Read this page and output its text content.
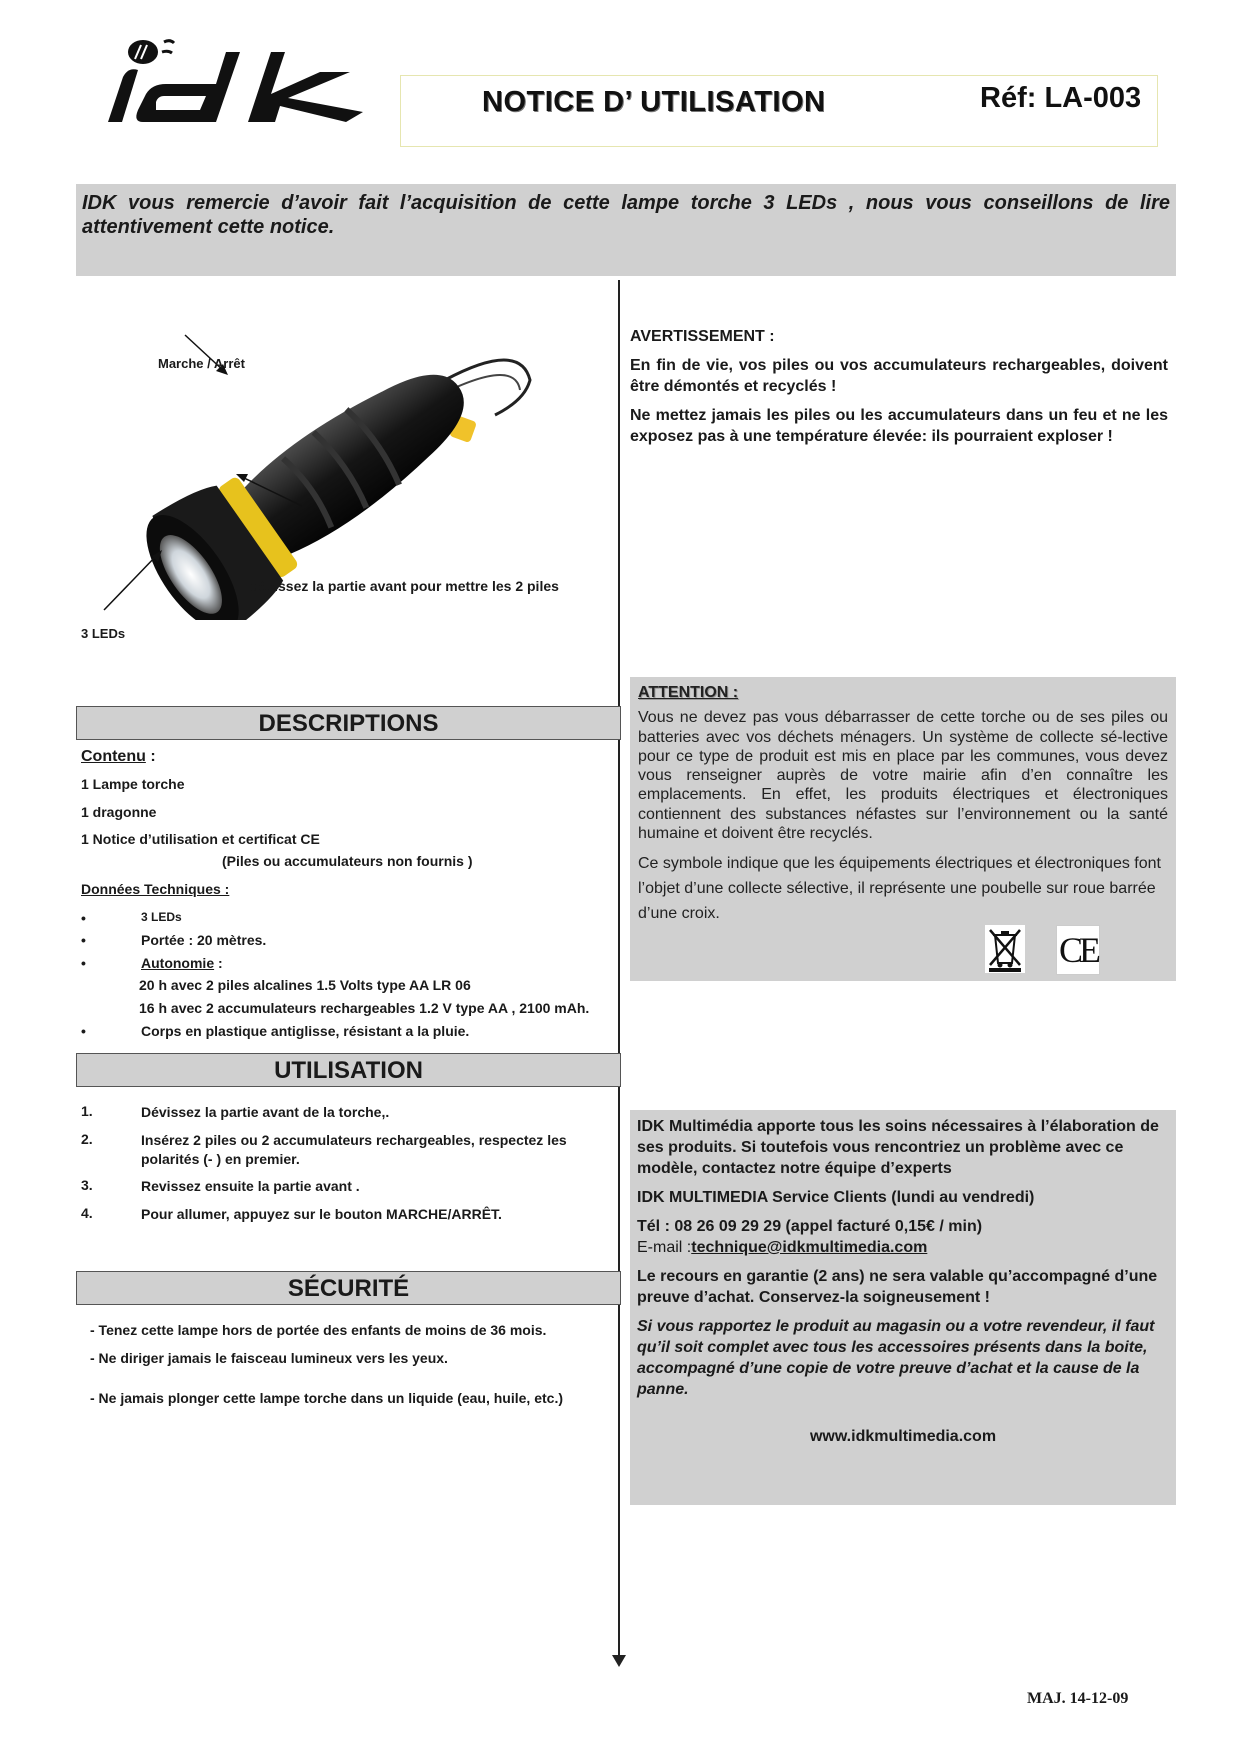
idk
NOTICE D’ UTILISATION	Réf: LA-003
IDK vous remercie d’avoir fait l’acquisition de cette lampe torche 3 LEDs , nous vous conseillons de lire attentivement cette notice.
Marche / Arrêt
dévissez la partie avant pour mettre les 2 piles
3 LEDs

AVERTISSEMENT :

En fin de vie, vos piles ou vos accumulateurs rechargeables, doivent être démontés et recyclés !

Ne mettez jamais les piles ou les accumulateurs dans un feu et ne les exposez pas à une température élevée: ils pourraient exploser !

DESCRIPTIONS
Contenu :
1 Lampe torche
1 dragonne
1 Notice d’utilisation et certificat CE
(Piles ou accumulateurs non fournis )
Données Techniques :
•	3 LEDs
•	Portée : 20 mètres.
•	Autonomie :
20 h avec 2 piles alcalines 1.5 Volts type AA LR 06
16 h avec 2 accumulateurs rechargeables 1.2 V type AA , 2100 mAh.
•	Corps en plastique antiglisse, résistant a la pluie.
UTILISATION
1.	Dévissez la partie avant de la torche,.
2.	Insérez 2 piles ou 2 accumulateurs rechargeables, respectez les polarités (- ) en premier.
3.	Revissez ensuite la partie avant .
4.	Pour allumer, appuyez sur le bouton MARCHE/ARRÊT.
SÉCURITÉ
- Tenez cette lampe hors de portée des enfants de moins de 36 mois.
- Ne diriger jamais le faisceau lumineux vers les yeux.
- Ne jamais plonger cette lampe torche dans un liquide (eau, huile, etc.)
ATTENTION :
Vous ne devez pas vous débarrasser de cette torche ou de ses piles ou batteries avec vos déchets ménagers. Un système de collecte sé-lective pour ce type de produit est mis en place par les communes, vous devez vous renseigner auprès de votre mairie afin d’en connaître les emplacements. En effet, les produits électriques et électroniques contiennent des substances néfastes sur l’environnement ou la santé humaine et doivent être recyclés.
Ce symbole indique que les équipements électriques et électroniques font l’objet d’une collecte sélective, il représente une poubelle sur roue barrée d’une croix.
CE

IDK Multimédia apporte tous les soins nécessaires à l’élaboration de ses produits. Si toutefois vous rencontriez un problème avec ce modèle, contactez notre équipe d’experts

IDK MULTIMEDIA Service Clients (lundi au vendredi)

Tél : 08 26 09 29 29 (appel facturé 0,15€ / min)
E-mail :technique@idkmultimedia.com

Le recours en garantie (2 ans) ne sera valable qu’accompagné d’une preuve d’achat. Conservez-la soigneusement !

Si vous rapportez le produit au magasin ou a votre revendeur, il faut qu’il soit complet avec tous les accessoires présents dans la boite, accompagné d’une copie de votre preuve d’achat et la cause de la panne.

www.idkmultimedia.com

MAJ. 14-12-09
